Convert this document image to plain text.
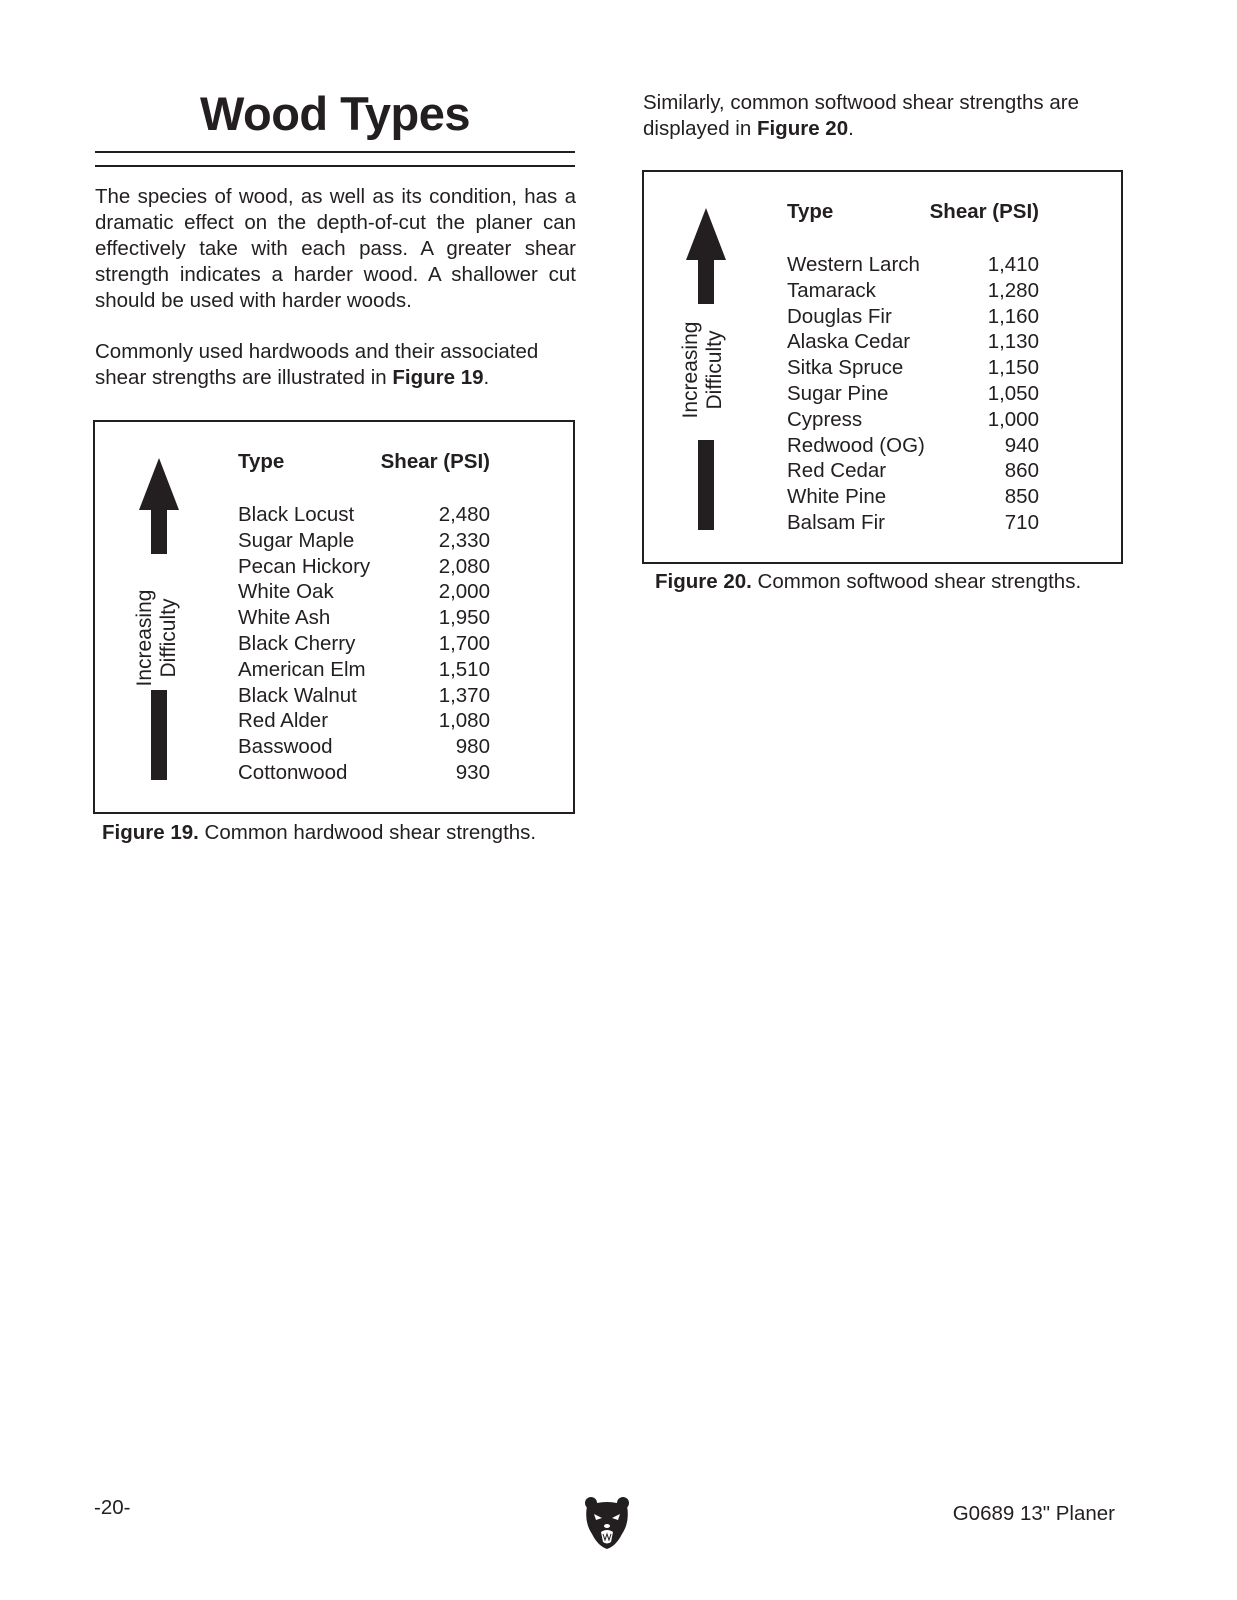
Wood Types
The species of wood, as well as its condition, has a dramatic effect on the depth-of-cut the planer can effectively take with each pass. A greater shear strength indicates a harder wood. A shallower cut should be used with harder woods.
Commonly used hardwoods and their associated shear strengths are illustrated in Figure 19.
Similarly, common softwood shear strengths are displayed in Figure 20.
Increasing Difficulty
Type	Shear (PSI)
Black Locust	2,480
Sugar Maple	2,330
Pecan Hickory	2,080
White Oak	2,000
White Ash	1,950
Black Cherry	1,700
American Elm	1,510
Black Walnut	1,370
Red Alder	1,080
Basswood	980
Cottonwood	930
Figure 19. Common hardwood shear strengths.
Increasing Difficulty
Type	Shear (PSI)
Western Larch	1,410
Tamarack	1,280
Douglas Fir	1,160
Alaska Cedar	1,130
Sitka Spruce	1,150
Sugar Pine	1,050
Cypress	1,000
Redwood (OG)	940
Red Cedar	860
White Pine	850
Balsam Fir	710
Figure 20. Common softwood shear strengths.
-20-	G0689 13" Planer
